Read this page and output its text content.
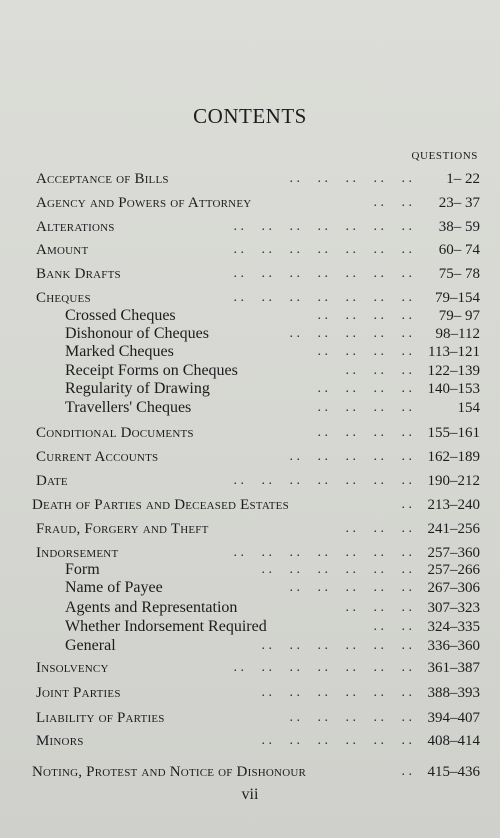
CONTENTS
QUESTIONS
Acceptance of Bills	. .     . .     . .     . .     . . 1– 22
Agency and Powers of Attorney	. .     . . 23– 37
Alterations	. .     . .     . .     . .     . .     . .     . . 38– 59
Amount	. .     . .     . .     . .     . .     . .     . . 60– 74
Bank Drafts	. .     . .     . .     . .     . .     . .     . . 75– 78
Cheques	. .     . .     . .     . .     . .     . .     . . 79–154
Crossed Cheques	. .     . .     . .     . . 79– 97
Dishonour of Cheques	. .     . .     . .     . .     . . 98–112
Marked Cheques	. .     . .     . .     . . 113–121
Receipt Forms on Cheques	. .     . .     . . 122–139
Regularity of Drawing	. .     . .     . .     . . 140–153
Travellers' Cheques	. .     . .     . .     . .	154
Conditional Documents	. .     . .     . .     . . 155–161
Current Accounts	. .     . .     . .     . .     . . 162–189
Date	. .     . .     . .     . .     . .     . .     . . 190–212
Death of Parties and Deceased Estates	. . 213–240
Fraud, Forgery and Theft	. .     . .     . . 241–256
Indorsement	. .     . .     . .     . .     . .     . .     . . 257–360
Form	. .     . .     . .     . .     . .     . . 257–266
Name of Payee	. .     . .     . .     . .     . . 267–306
Agents and Representation	. .     . .     . . 307–323
Whether Indorsement Required	. .     . . 324–335
General	. .     . .     . .     . .     . .     . . 336–360
Insolvency	. .     . .     . .     . .     . .     . .     . . 361–387
Joint Parties	. .     . .     . .     . .     . .     . . 388–393
Liability of Parties	. .     . .     . .     . .     . . 394–407
Minors	. .     . .     . .     . .     . .     . . 408–414
Noting, Protest and Notice of Dishonour	. . 415–436
vii
